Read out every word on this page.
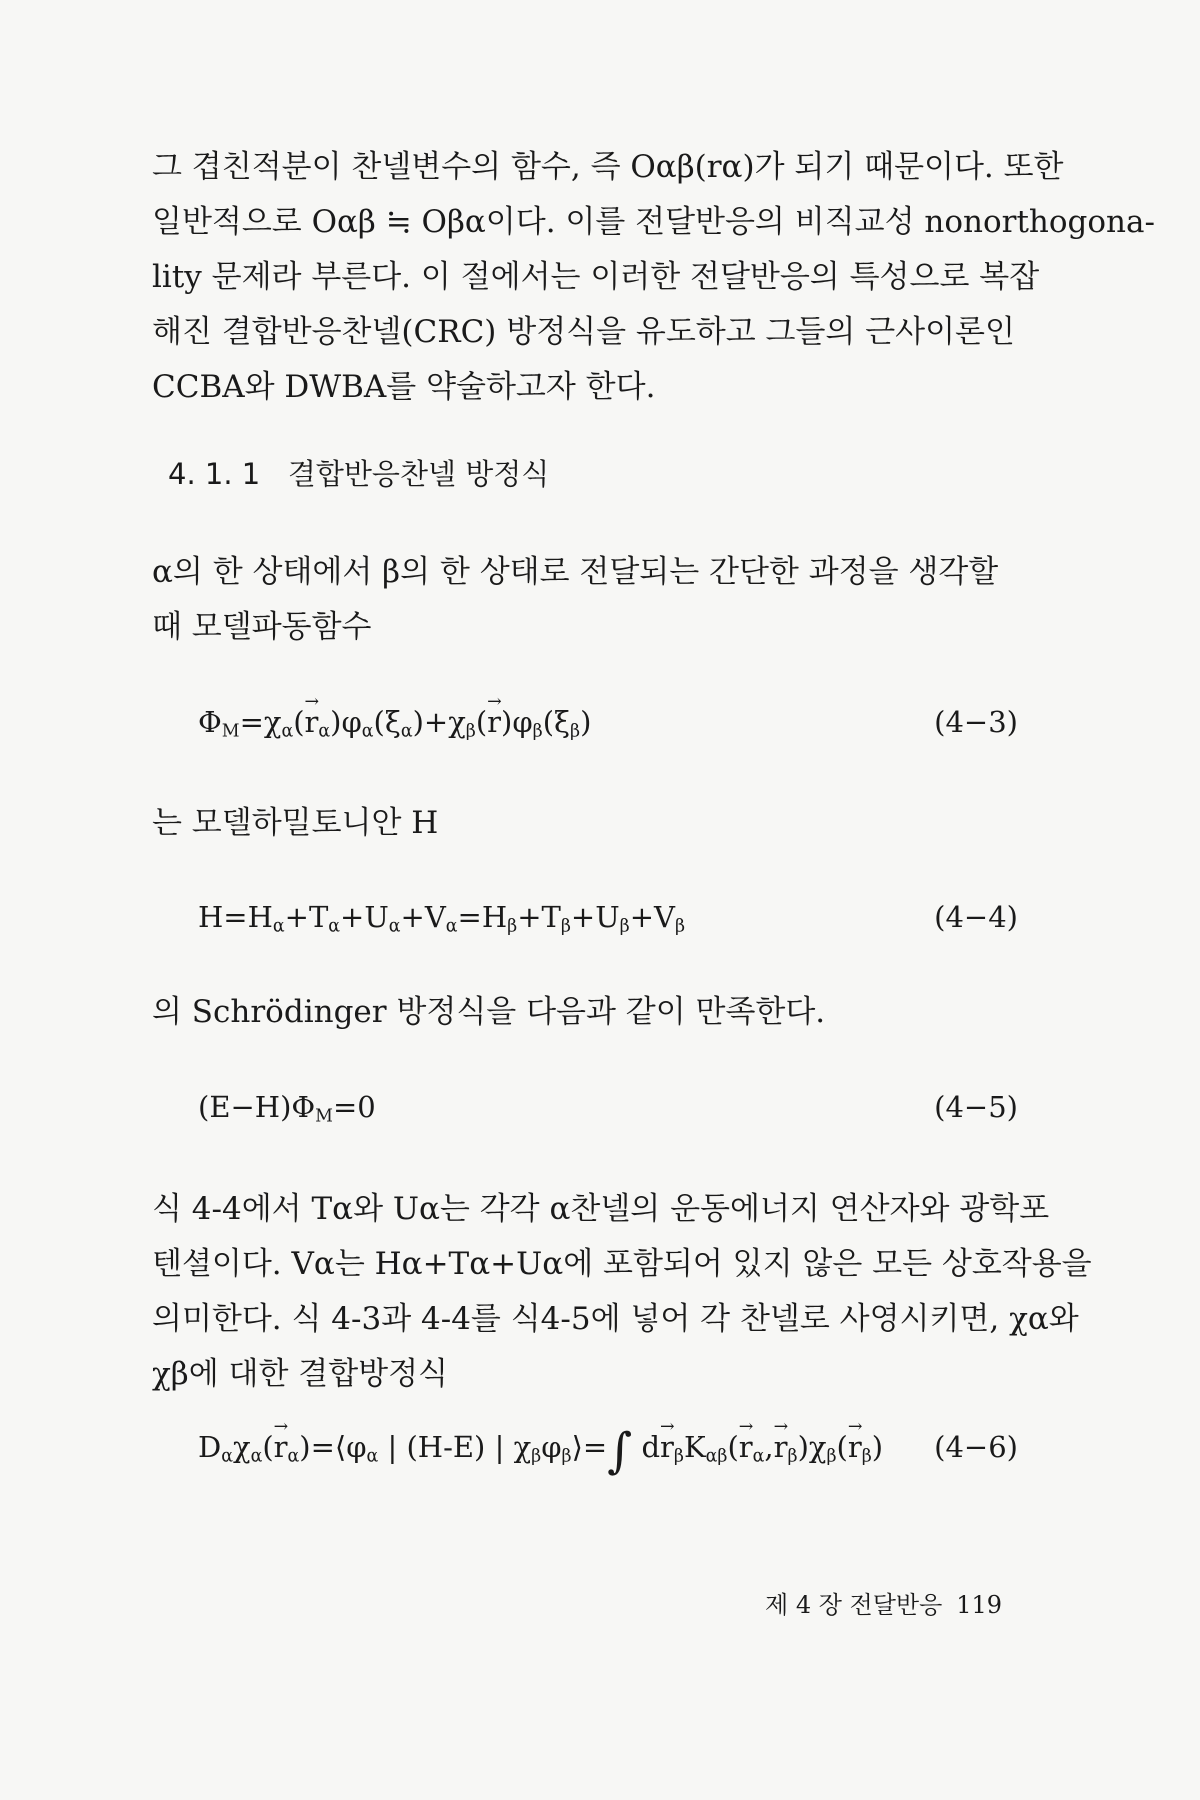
그 겹친적분이 찬넬변수의 함수, 즉 Oαβ(rα)가 되기 때문이다. 또한
일반적으로 Oαβ ≒ Oβα이다. 이를 전달반응의 비직교성 nonorthogona-
lity 문제라 부른다. 이 절에서는 이러한 전달반응의 특성으로 복잡
해진 결합반응찬넬(CRC) 방정식을 유도하고 그들의 근사이론인
CCBA와 DWBA를 약술하고자 한다.
4. 1. 1 결합반응찬넬 방정식
α의 한 상태에서 β의 한 상태로 전달되는 간단한 과정을 생각할
때 모델파동함수
$\Phi_M=\chi_\alpha(\to r_\alpha)\varphi_\alpha(\xi_\alpha)+\chi_\beta(\to r)\varphi_\beta(\xi_\beta)$	(4−3)
는 모델하밀토니안 H
$H=H_\alpha+T_\alpha+U_\alpha+V_\alpha=H_\beta+T_\beta+U_\beta+V_\beta$	(4−4)
의 Schrödinger 방정식을 다음과 같이 만족한다.
$(E-H)\Phi_M=0$	(4−5)
식 4-4에서 Tα와 Uα는 각각 α찬넬의 운동에너지 연산자와 광학포
텐셜이다. Vα는 Hα+Tα+Uα에 포함되어 있지 않은 모든 상호작용을
의미한다. 식 4-3과 4-4를 식4-5에 넣어 각 찬넬로 사영시키면, χα와
χβ에 대한 결합방정식
$D_\alpha\chi_\alpha(\to$ $r_\alpha)=⟨\varphi_\alpha$ | (H-E) | $\chi_\beta\varphi_\beta⟩=\int$ $d\to r_\beta K_{\alpha\beta}(\to r_\alpha,\to r_\beta)\chi_\beta(\to r_\beta)$ (4−6)
제 4 장 전달반응 119
